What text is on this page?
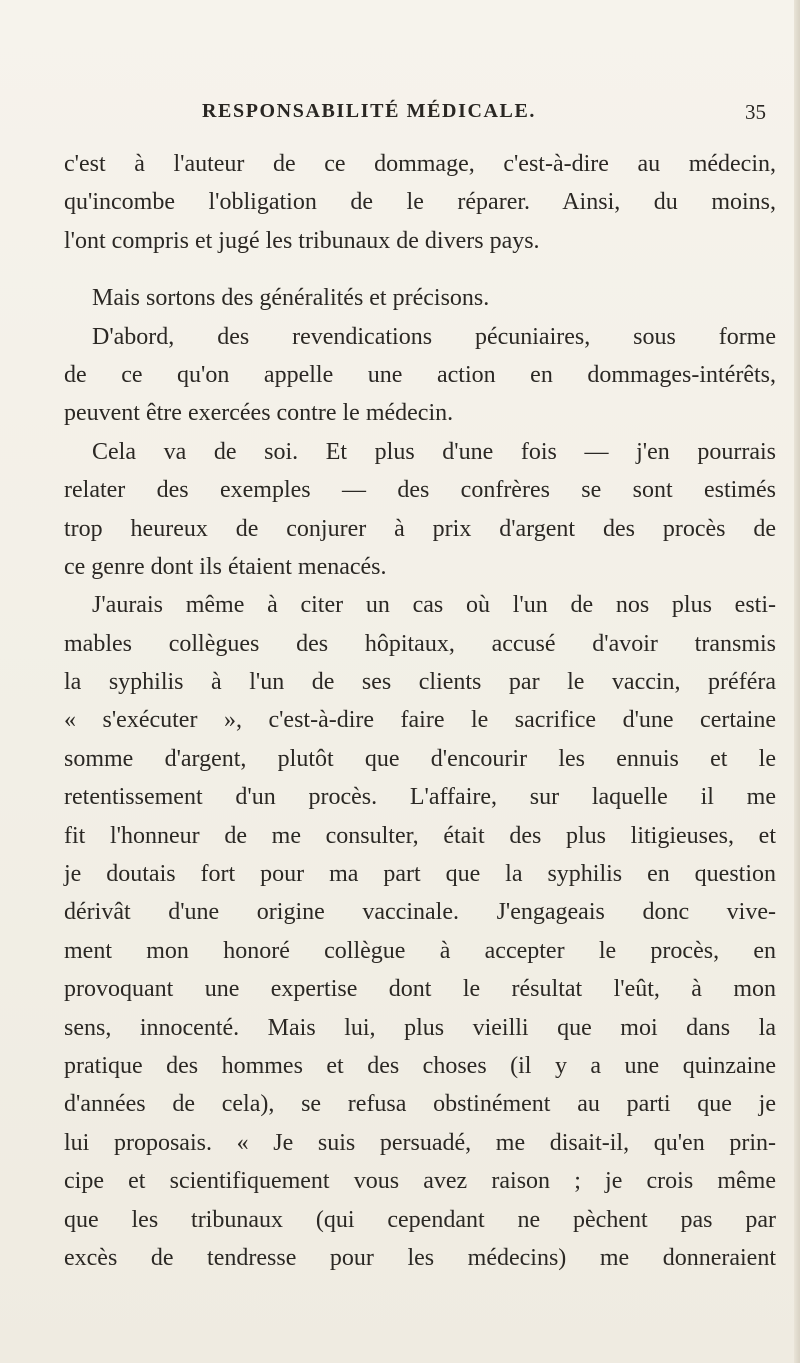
RESPONSABILITÉ MÉDICALE.	35
c'est à l'auteur de ce dommage, c'est-à-dire au médecin,
qu'incombe l'obligation de le réparer. Ainsi, du moins,
l'ont compris et jugé les tribunaux de divers pays.
Mais sortons des généralités et précisons.
D'abord, des revendications pécuniaires, sous forme
de ce qu'on appelle une action en dommages-intérêts,
peuvent être exercées contre le médecin.
Cela va de soi. Et plus d'une fois — j'en pourrais
relater des exemples — des confrères se sont estimés
trop heureux de conjurer à prix d'argent des procès de
ce genre dont ils étaient menacés.
J'aurais même à citer un cas où l'un de nos plus esti-
mables collègues des hôpitaux, accusé d'avoir transmis
la syphilis à l'un de ses clients par le vaccin, préféra
« s'exécuter », c'est-à-dire faire le sacrifice d'une certaine
somme d'argent, plutôt que d'encourir les ennuis et le
retentissement d'un procès. L'affaire, sur laquelle il me
fit l'honneur de me consulter, était des plus litigieuses, et
je doutais fort pour ma part que la syphilis en question
dérivât d'une origine vaccinale. J'engageais donc vive-
ment mon honoré collègue à accepter le procès, en
provoquant une expertise dont le résultat l'eût, à mon
sens, innocenté. Mais lui, plus vieilli que moi dans la
pratique des hommes et des choses (il y a une quinzaine
d'années de cela), se refusa obstinément au parti que je
lui proposais. « Je suis persuadé, me disait-il, qu'en prin-
cipe et scientifiquement vous avez raison ; je crois même
que les tribunaux (qui cependant ne pèchent pas par
excès de tendresse pour les médecins) me donneraient
